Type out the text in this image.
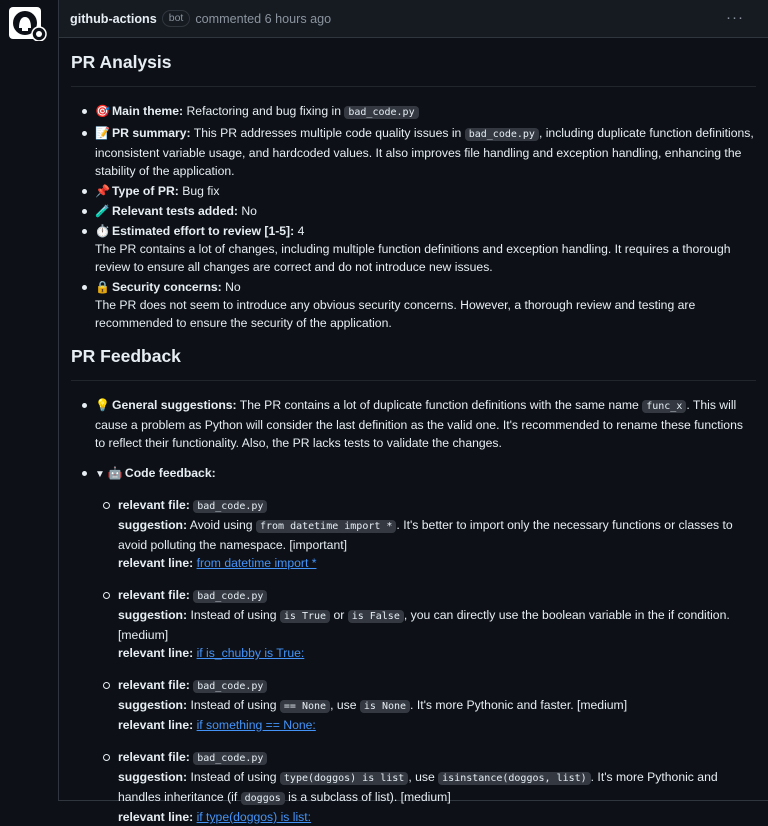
github-actions	bot commented 6 hours ago	···
PR Analysis
🎯 Main theme: Refactoring and bug fixing in bad_code.py
📝 PR summary: This PR addresses multiple code quality issues in bad_code.py , including duplicate function definitions, inconsistent variable usage, and hardcoded values. It also improves file handling and exception handling, enhancing the stability of the application.
📌 Type of PR: Bug fix
🧪 Relevant tests added: No
⏱️ Estimated effort to review [1-5]: 4
The PR contains a lot of changes, including multiple function definitions and exception handling. It requires a thorough review to ensure all changes are correct and do not introduce new issues.
🔒 Security concerns: No
The PR does not seem to introduce any obvious security concerns. However, a thorough review and testing are recommended to ensure the security of the application.
PR Feedback
💡 General suggestions: The PR contains a lot of duplicate function definitions with the same name func_x . This will cause a problem as Python will consider the last definition as the valid one. It's recommended to rename these functions to reflect their functionality. Also, the PR lacks tests to validate the changes.
▼ 🤖 Code feedback:
relevant file: bad_code.py
suggestion: Avoid using from datetime import * . It's better to import only the necessary functions or classes to avoid polluting the namespace. [important]
relevant line: from datetime import *
relevant file: bad_code.py
suggestion: Instead of using is True or is False , you can directly use the boolean variable in the if condition. [medium]
relevant line: if is_chubby is True:
relevant file: bad_code.py
suggestion: Instead of using == None , use is None . It's more Pythonic and faster. [medium]
relevant line: if something == None:
relevant file: bad_code.py
suggestion: Instead of using type(doggos) is list , use isinstance(doggos, list) . It's more Pythonic and handles inheritance (if doggos is a subclass of list). [medium]
relevant line: if type(doggos) is list:
